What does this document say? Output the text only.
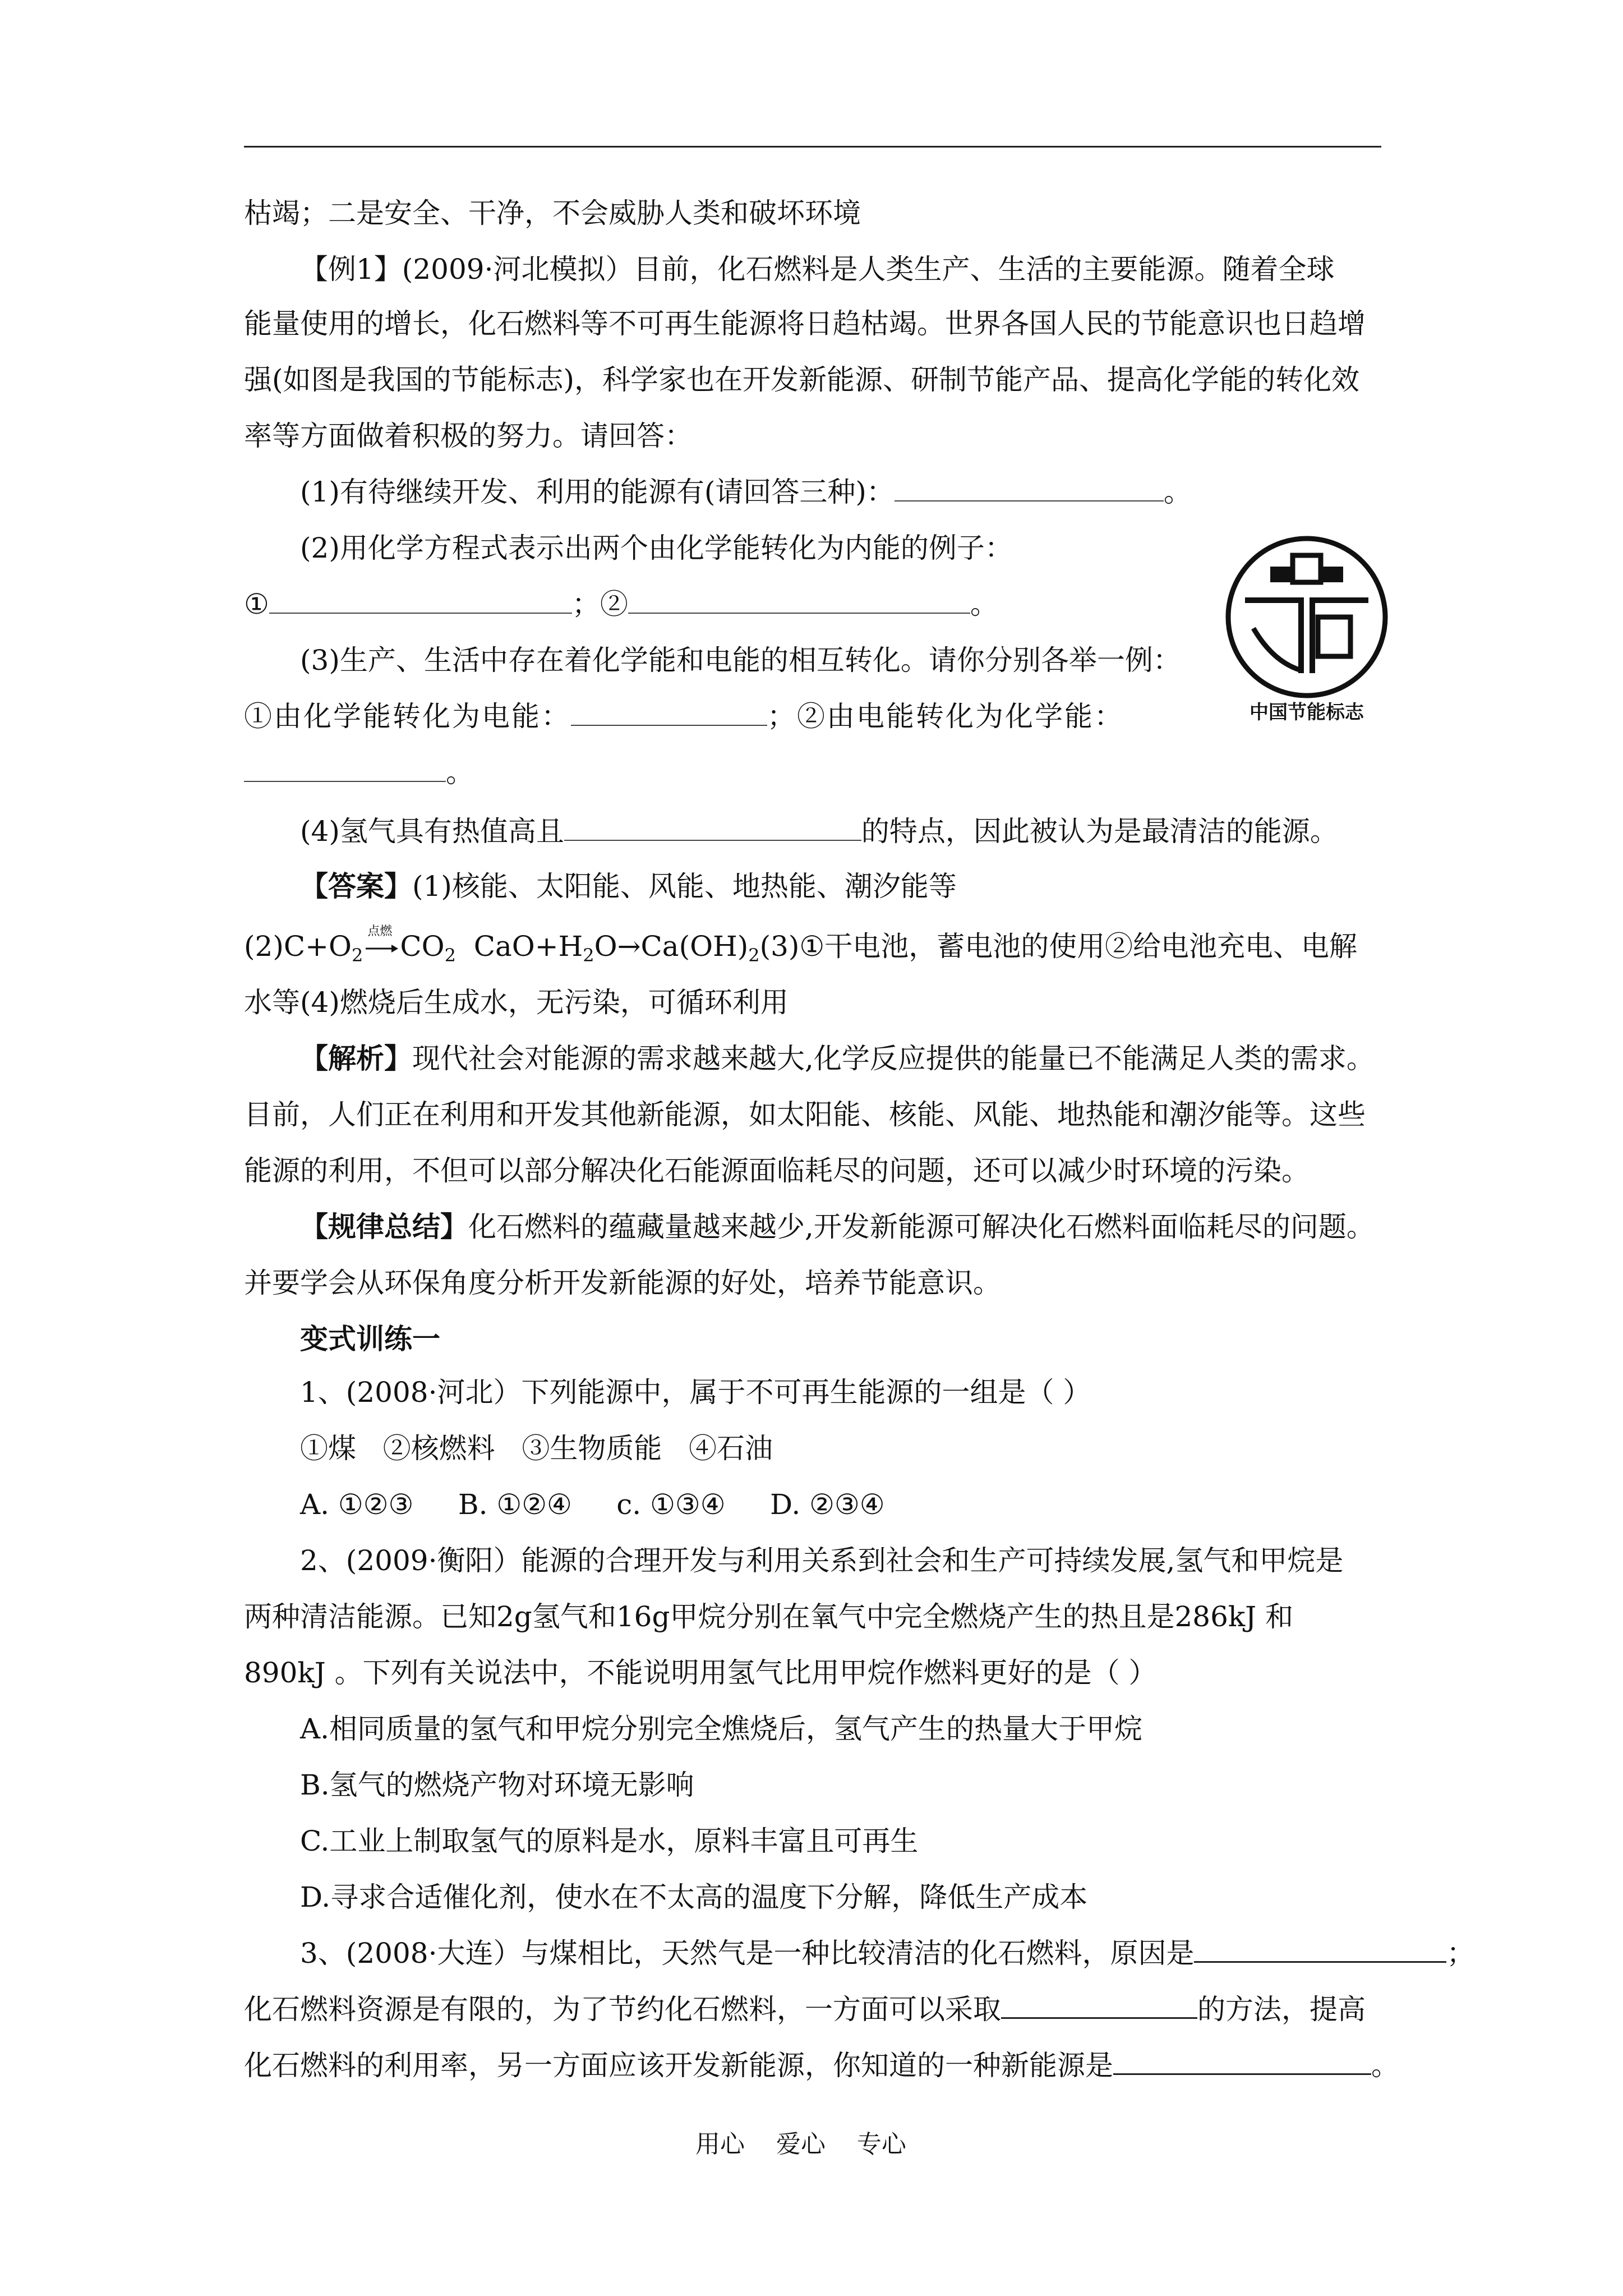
枯竭；二是安全、干净，不会威胁人类和破坏环境
【例1】(2009·河北模拟）目前，化石燃料是人类生产、生活的主要能源。随着全球
能量使用的增长，化石燃料等不可再生能源将日趋枯竭。世界各国人民的节能意识也日趋增
强(如图是我国的节能标志)，科学家也在开发新能源、研制节能产品、提高化学能的转化效
率等方面做着积极的努力。请回答：
(1)有待继续开发、利用的能源有(请回答三种)：	。
(2)用化学方程式表示出两个由化学能转化为内能的例子：
①	；②	。
(3)生产、生活中存在着化学能和电能的相互转化。请你分别各举一例：
①由化学能转化为电能：	；②由电能转化为化学能：
。
(4)氢气具有热值高且	的特点，因此被认为是最清洁的能源。
【答案】(1)核能、太阳能、风能、地热能、潮汐能等
$(2)C+O_2$
点燃 $CO_2$  $CaO+H_2O\to Ca(OH)_2(3)①$干电池，蓄电池的使用 ②给电池充电、电解
水等(4)燃烧后生成水，无污染，可循环利用
【解析】现代社会对能源的需求越来越大,化学反应提供的能量已不能满足人类的需求。
目前，人们正在利用和开发其他新能源，如太阳能、核能、风能、地热能和潮汐能等。这些
能源的利用，不但可以部分解决化石能源面临耗尽的问题，还可以减少时环境的污染。
【规律总结】化石燃料的蕴藏量越来越少,开发新能源可解决化石燃料面临耗尽的问题。
并要学会从环保角度分析开发新能源的好处，培养节能意识。
变式训练一
1、(2008·河北）下列能源中，属于不可再生能源的一组是（ ）
①煤   ②核燃料   ③生物质能   ④石油
A. ①②③     B. ①②④     c. ①③④     D. ②③④
2、(2009·衡阳）能源的合理开发与利用关系到社会和生产可持续发展,氢气和甲烷是
两种清洁能源。已知2g氢气和16g甲烷分别在氧气中完全燃烧产生的热且是286kJ 和
890kJ 。下列有关说法中，不能说明用氢气比用甲烷作燃料更好的是（ ）
A.相同质量的氢气和甲烷分别完全燋烧后，氢气产生的热量大于甲烷
B.氢气的燃烧产物对环境无影响
C.工业上制取氢气的原料是水，原料丰富且可再生
D.寻求合适催化剂，使水在不太高的温度下分解，降低生产成本
3、(2008·大连）与煤相比，天然气是一种比较清洁的化石燃料，原因是	；
化石燃料资源是有限的，为了节约化石燃料，一方面可以采取	的方法，提高
化石燃料的利用率，另一方面应该开发新能源，你知道的一种新能源是	。
中国节能标志
用心    爱心    专心
